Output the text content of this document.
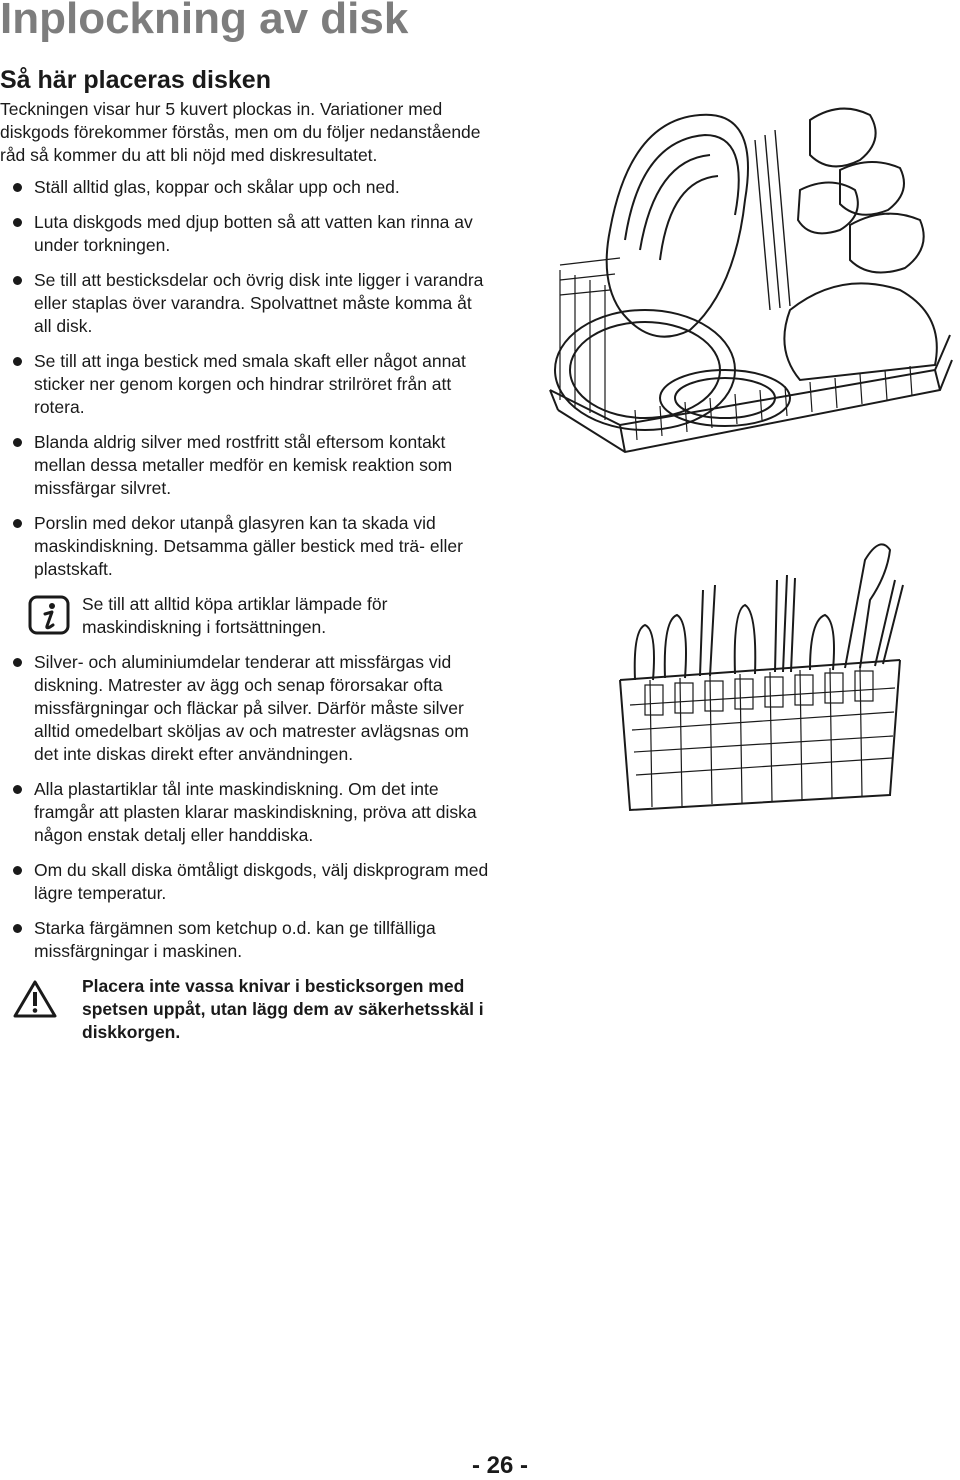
Inplockning av disk
Så här placeras disken

Teckningen visar hur 5 kuvert plockas in. Variationer med diskgods förekommer förstås, men om du följer nedanstående råd så kommer du att bli nöjd med diskresultatet.

Ställ alltid glas, koppar och skålar upp och ned.

Luta diskgods med djup botten så att vatten kan rinna av under torkningen.

Se till att besticksdelar och övrig disk inte ligger i varandra eller staplas över varandra. Spolvattnet måste komma åt all disk.

Se till att inga bestick med smala skaft eller något annat sticker ner genom korgen och hindrar strilröret från att rotera.

Blanda aldrig silver med rostfritt stål eftersom kontakt mellan dessa metaller medför en kemisk reaktion som missfärgar silvret.

Porslin med dekor utanpå glasyren kan ta skada vid maskindiskning. Detsamma gäller bestick med trä- eller plastskaft.

Se till att alltid köpa artiklar lämpade för maskindiskning i fortsättningen.

Silver- och aluminiumdelar tenderar att missfärgas vid diskning. Matrester av ägg och senap förorsakar ofta missfärgningar och fläckar på silver. Därför måste silver alltid omedelbart sköljas av och matrester avlägsnas om det inte diskas direkt efter användningen.

Alla plastartiklar tål inte maskindiskning. Om det inte framgår att plasten klarar maskindiskning, pröva att diska någon enstak detalj eller handdiska.

Om du skall diska ömtåligt diskgods, välj diskprogram med lägre temperatur.

Starka färgämnen som ketchup o.d. kan ge tillfälliga missfärgningar i maskinen.

Placera inte vassa knivar i besticksorgen med spetsen uppåt, utan lägg dem av säkerhetsskäl i diskkorgen.

- 26 -
